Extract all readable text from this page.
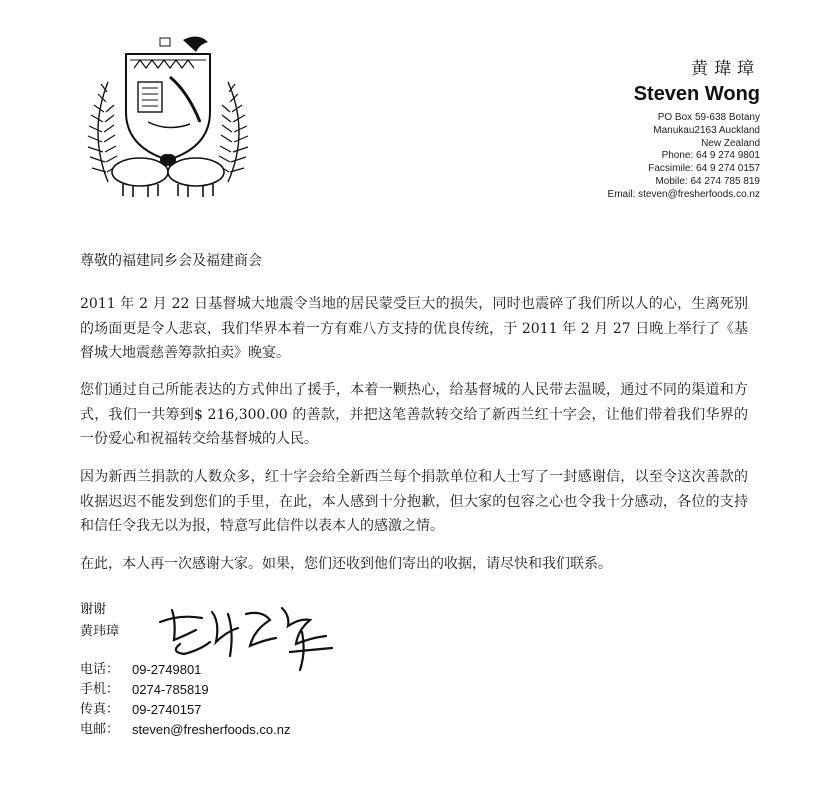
黄瑋璋
Steven Wong
PO Box 59-638 Botany
Manukau2163 Auckland
New Zealand
Phone: 64 9 274 9801
Facsimile: 64 9 274 0157
Mobile: 64 274 785 819
Email: steven@fresherfoods.co.nz
尊敬的福建同乡会及福建商会
2011 年 2 月 22 日基督城大地震令当地的居民蒙受巨大的损失，同时也震碎了我们所以人的心，生离死别的场面更是令人悲哀，我们华界本着一方有难八方支持的优良传统，于 2011 年 2 月 27 日晚上举行了《基督城大地震慈善筹款拍卖》晚宴。
您们通过自己所能表达的方式伸出了援手，本着一颗热心，给基督城的人民带去温暖，通过不同的渠道和方式，我们一共筹到$ 216,300.00 的善款，并把这笔善款转交给了新西兰红十字会，让他们带着我们华界的一份爱心和祝福转交给基督城的人民。
因为新西兰捐款的人数众多，红十字会给全新西兰每个捐款单位和人士写了一封感谢信，以至令这次善款的收据迟迟不能发到您们的手里，在此，本人感到十分抱歉，但大家的包容之心也令我十分感动，各位的支持和信任令我无以为报，特意写此信件以表本人的感激之情。
在此，本人再一次感谢大家。如果，您们还收到他们寄出的收据，请尽快和我们联系。
谢谢
黄玮璋
电话： 09-2749801
手机： 0274-785819
传真： 09-2740157
电邮： steven@fresherfoods.co.nz
